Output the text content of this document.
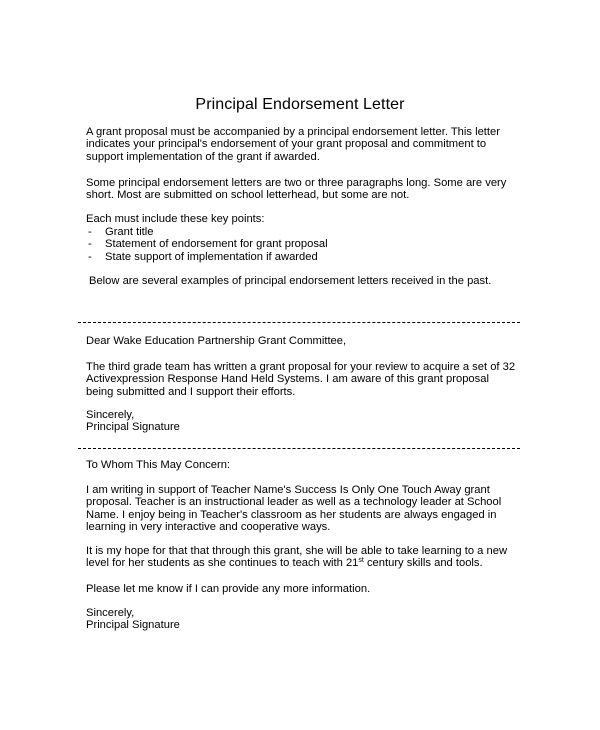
Principal Endorsement Letter
A grant proposal must be accompanied by a principal endorsement letter. This letter
indicates your principal's endorsement of your grant proposal and commitment to
support implementation of the grant if awarded.
Some principal endorsement letters are two or three paragraphs long. Some are very
short. Most are submitted on school letterhead, but some are not.
Each must include these key points:
- Grant title
- Statement of endorsement for grant proposal
- State support of implementation if awarded
Below are several examples of principal endorsement letters received in the past.
Dear Wake Education Partnership Grant Committee,
The third grade team has written a grant proposal for your review to acquire a set of 32
Activexpression Response Hand Held Systems. I am aware of this grant proposal
being submitted and I support their efforts.
Sincerely,
Principal Signature
To Whom This May Concern:
I am writing in support of Teacher Name's Success Is Only One Touch Away grant
proposal. Teacher is an instructional leader as well as a technology leader at School
Name. I enjoy being in Teacher's classroom as her students are always engaged in
learning in very interactive and cooperative ways.
It is my hope for that that through this grant, she will be able to take learning to a new
level for her students as she continues to teach with 21st century skills and tools.
Please let me know if I can provide any more information.
Sincerely,
Principal Signature
